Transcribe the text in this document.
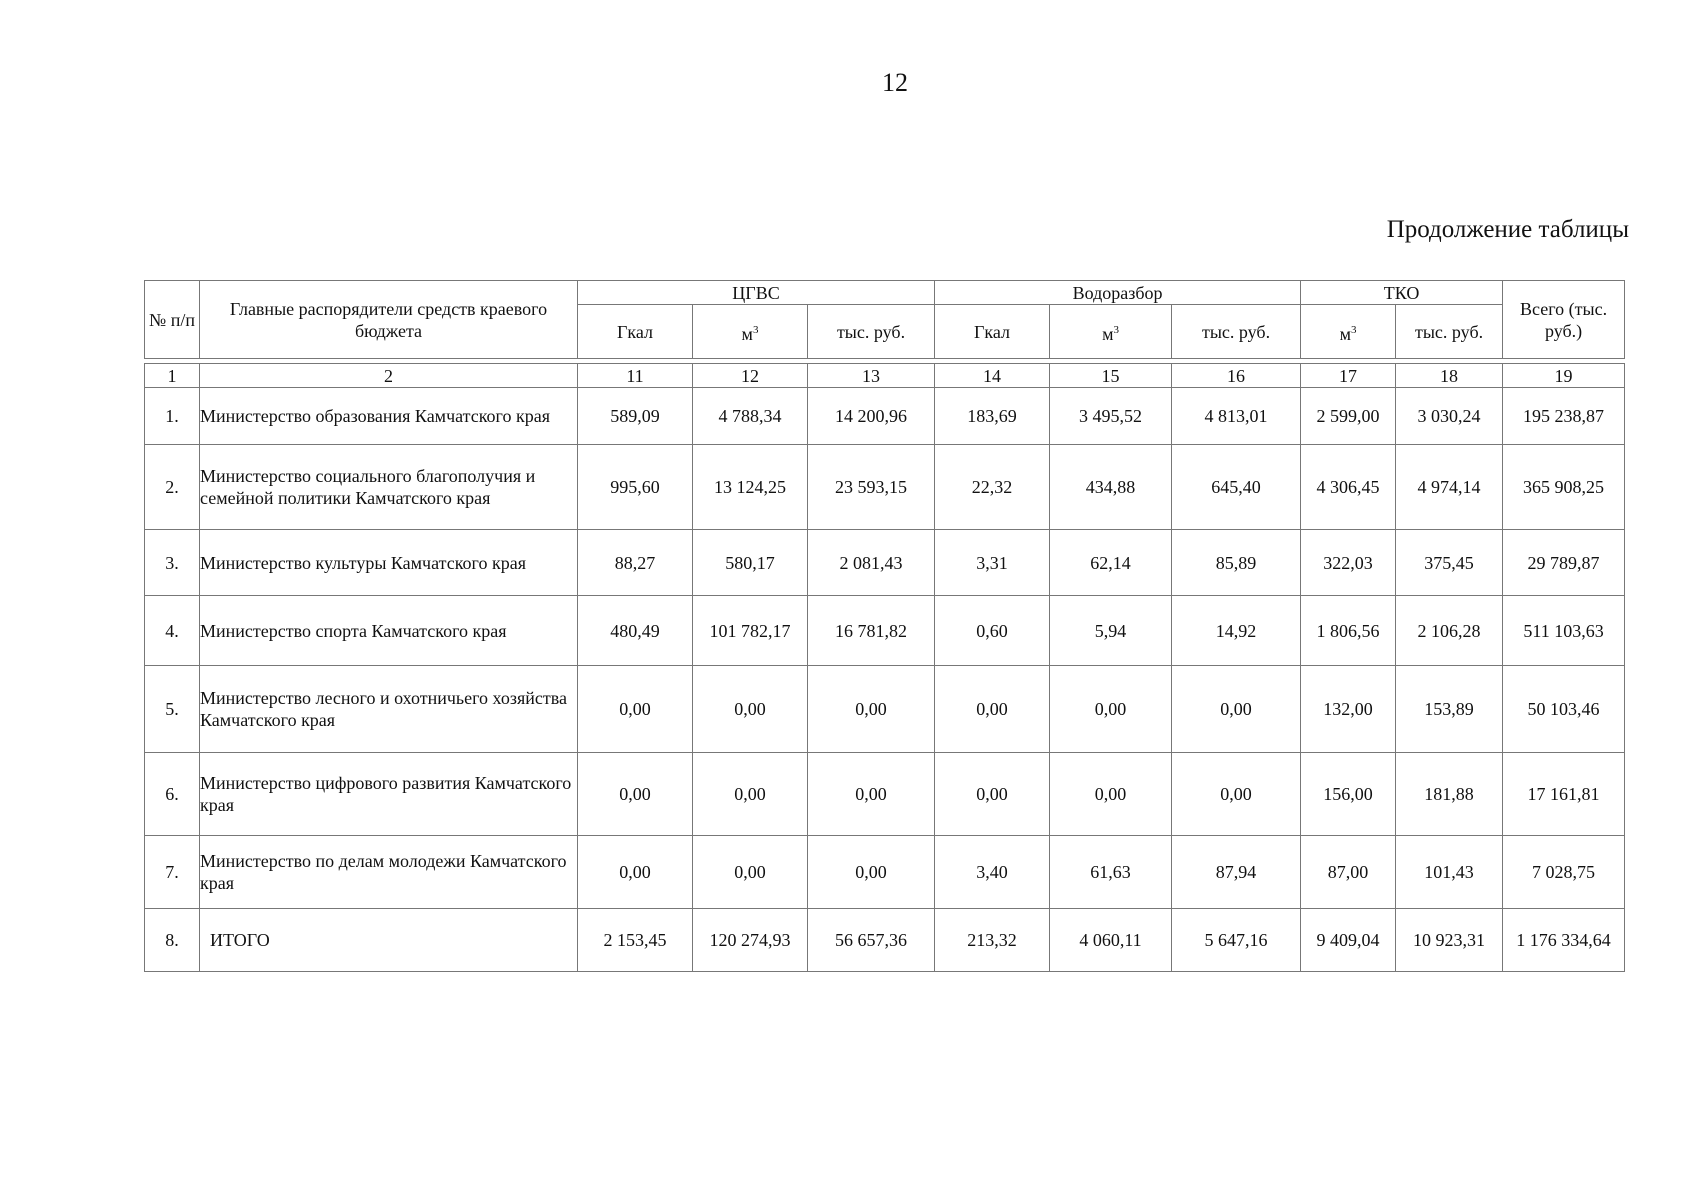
12
Продолжение таблицы
№ п/п	Главные распорядители средств краевого бюджета	ЦГВС			Водоразбор			ТКО		Всего (тыс. руб.)
		Гкал	$м^3$	тыс. руб.	Гкал	$м^3$	тыс. руб.	$м^3$	тыс. руб.	

1	2	11	12	13	14	15	16	17	18	19
1.	Министерство образования Камчатского края	589,09	4 788,34	14 200,96	183,69	3 495,52	4 813,01	2 599,00	3 030,24	195 238,87
2.	Министерство социального благополучия и семейной политики Камчатского края	995,60	13 124,25	23 593,15	22,32	434,88	645,40	4 306,45	4 974,14	365 908,25
3.	Министерство культуры Камчатского края	88,27	580,17	2 081,43	3,31	62,14	85,89	322,03	375,45	29 789,87
4.	Министерство спорта Камчатского края	480,49	101 782,17	16 781,82	0,60	5,94	14,92	1 806,56	2 106,28	511 103,63
5.	Министерство лесного и охотничьего хозяйства Камчатского края	0,00	0,00	0,00	0,00	0,00	0,00	132,00	153,89	50 103,46
6.	Министерство цифрового развития Камчатского края	0,00	0,00	0,00	0,00	0,00	0,00	156,00	181,88	17 161,81
7.	Министерство по делам молодежи Камчатского края	0,00	0,00	0,00	3,40	61,63	87,94	87,00	101,43	7 028,75
8.	ИТОГО	2 153,45	120 274,93	56 657,36	213,32	4 060,11	5 647,16	9 409,04	10 923,31	1 176 334,64
